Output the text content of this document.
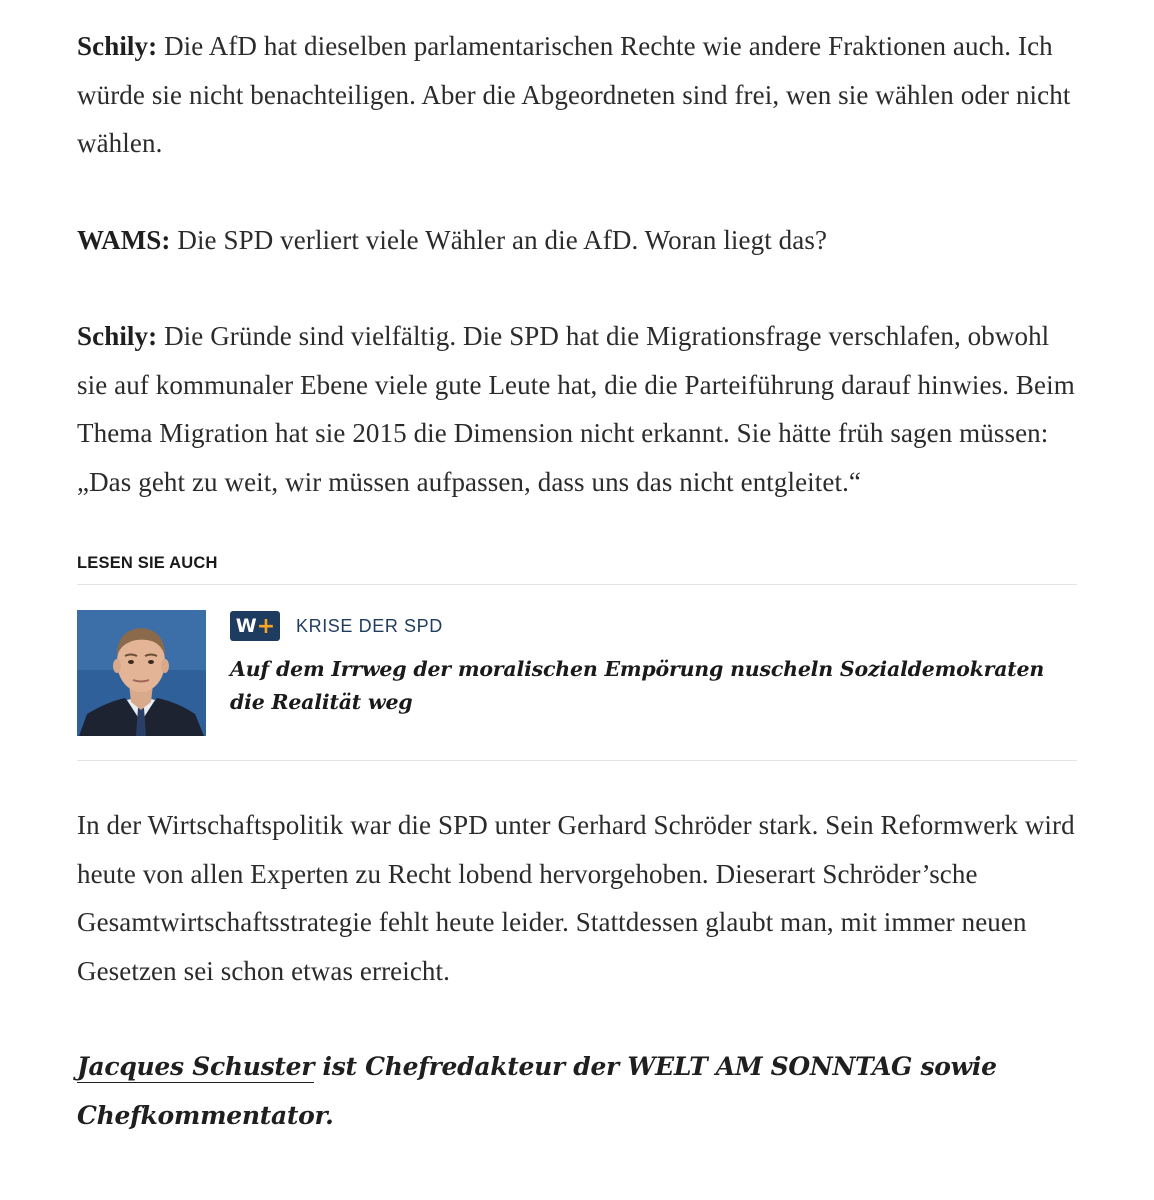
Schily: Die AfD hat dieselben parlamentarischen Rechte wie andere Fraktionen auch. Ich würde sie nicht benachteiligen. Aber die Abgeordneten sind frei, wen sie wählen oder nicht wählen.

WAMS: Die SPD verliert viele Wähler an die AfD. Woran liegt das?

Schily: Die Gründe sind vielfältig. Die SPD hat die Migrationsfrage verschlafen, obwohl sie auf kommunaler Ebene viele gute Leute hat, die die Parteiführung darauf hinwies. Beim Thema Migration hat sie 2015 die Dimension nicht erkannt. Sie hätte früh sagen müssen: „Das geht zu weit, wir müssen aufpassen, dass uns das nicht entgleitet.“

LESEN SIE AUCH
W + KRISE DER SPD
Auf dem Irrweg der moralischen Empörung nuscheln Sozialdemokraten die Realität weg

In der Wirtschaftspolitik war die SPD unter Gerhard Schröder stark. Sein Reformwerk wird heute von allen Experten zu Recht lobend hervorgehoben. Dieserart Schröder’sche Gesamtwirtschaftsstrategie fehlt heute leider. Stattdessen glaubt man, mit immer neuen Gesetzen sei schon etwas erreicht.

Jacques Schuster ist Chefredakteur der WELT AM SONNTAG sowie Chefkommentator.
